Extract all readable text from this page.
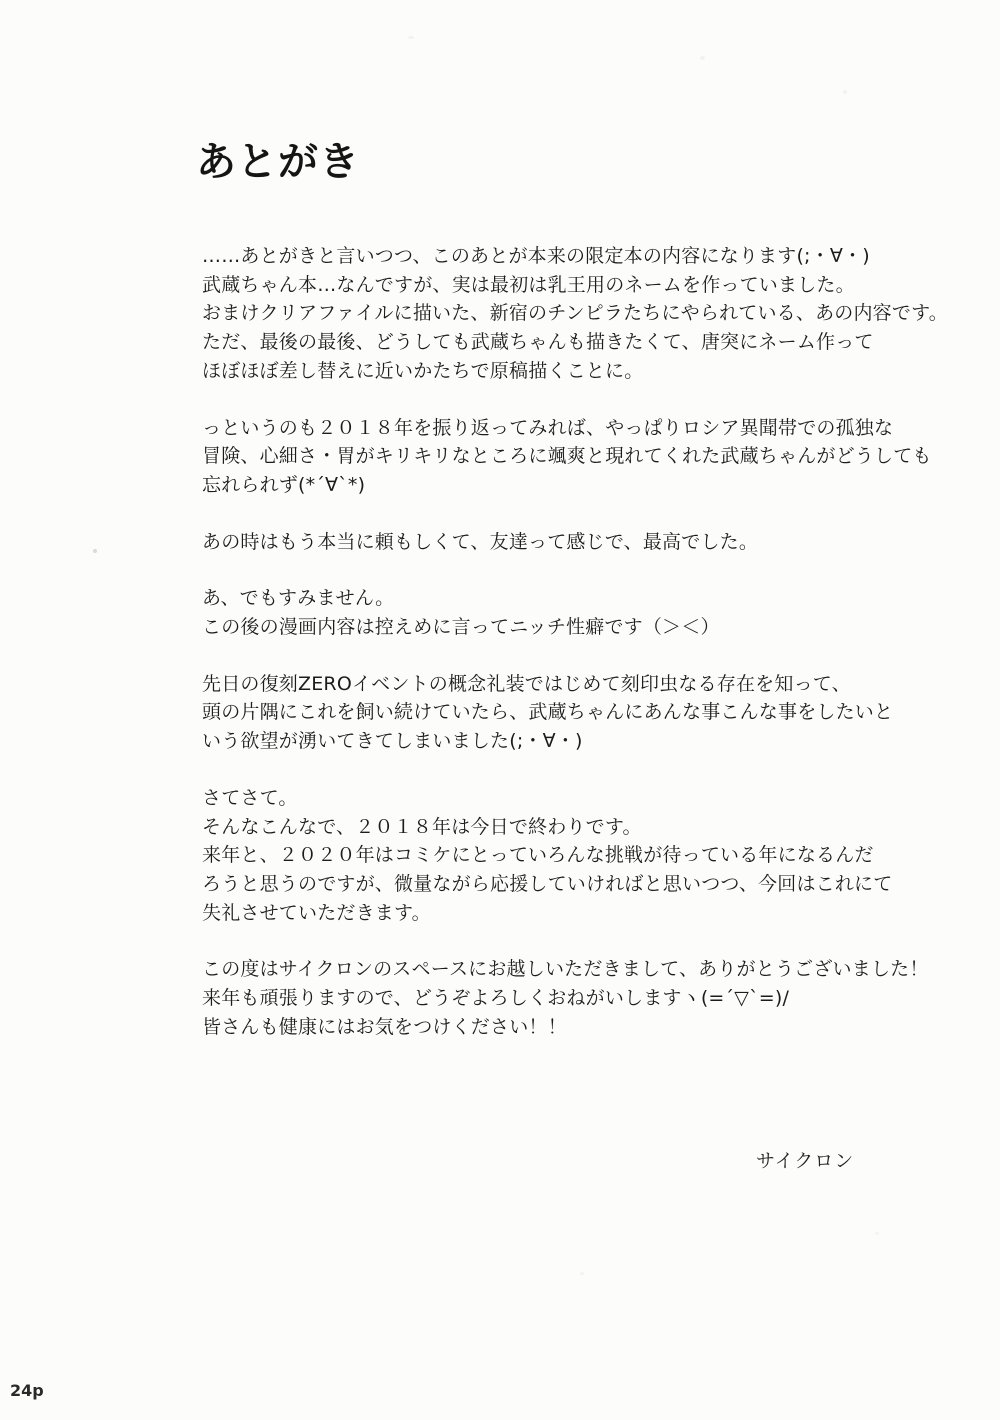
あとがき
……あとがきと言いつつ、このあとが本来の限定本の内容になります(;・∀・)
武蔵ちゃん本…なんですが、実は最初は乳王用のネームを作っていました。
おまけクリアファイルに描いた、新宿のチンピラたちにやられている、あの内容です。
ただ、最後の最後、どうしても武蔵ちゃんも描きたくて、唐突にネーム作って
ほぼほぼ差し替えに近いかたちで原稿描くことに。
っというのも２０１８年を振り返ってみれば、やっぱりロシア異聞帯での孤独な
冒険、心細さ・胃がキリキリなところに颯爽と現れてくれた武蔵ちゃんがどうしても
忘れられず(*´∀`*)
あの時はもう本当に頼もしくて、友達って感じで、最高でした。
あ、でもすみません。
この後の漫画内容は控えめに言ってニッチ性癖です（＞＜）
先日の復刻ZEROイベントの概念礼装ではじめて刻印虫なる存在を知って、
頭の片隅にこれを飼い続けていたら、武蔵ちゃんにあんな事こんな事をしたいと
いう欲望が湧いてきてしまいました(;・∀・)
さてさて。
そんなこんなで、２０１８年は今日で終わりです。
来年と、２０２０年はコミケにとっていろんな挑戦が待っている年になるんだ
ろうと思うのですが、微量ながら応援していければと思いつつ、今回はこれにて
失礼させていただきます。
この度はサイクロンのスペースにお越しいただきまして、ありがとうございました！
来年も頑張りますので、どうぞよろしくおねがいしますヽ(=´▽`=)/
皆さんも健康にはお気をつけください！！
サイクロン
24p
